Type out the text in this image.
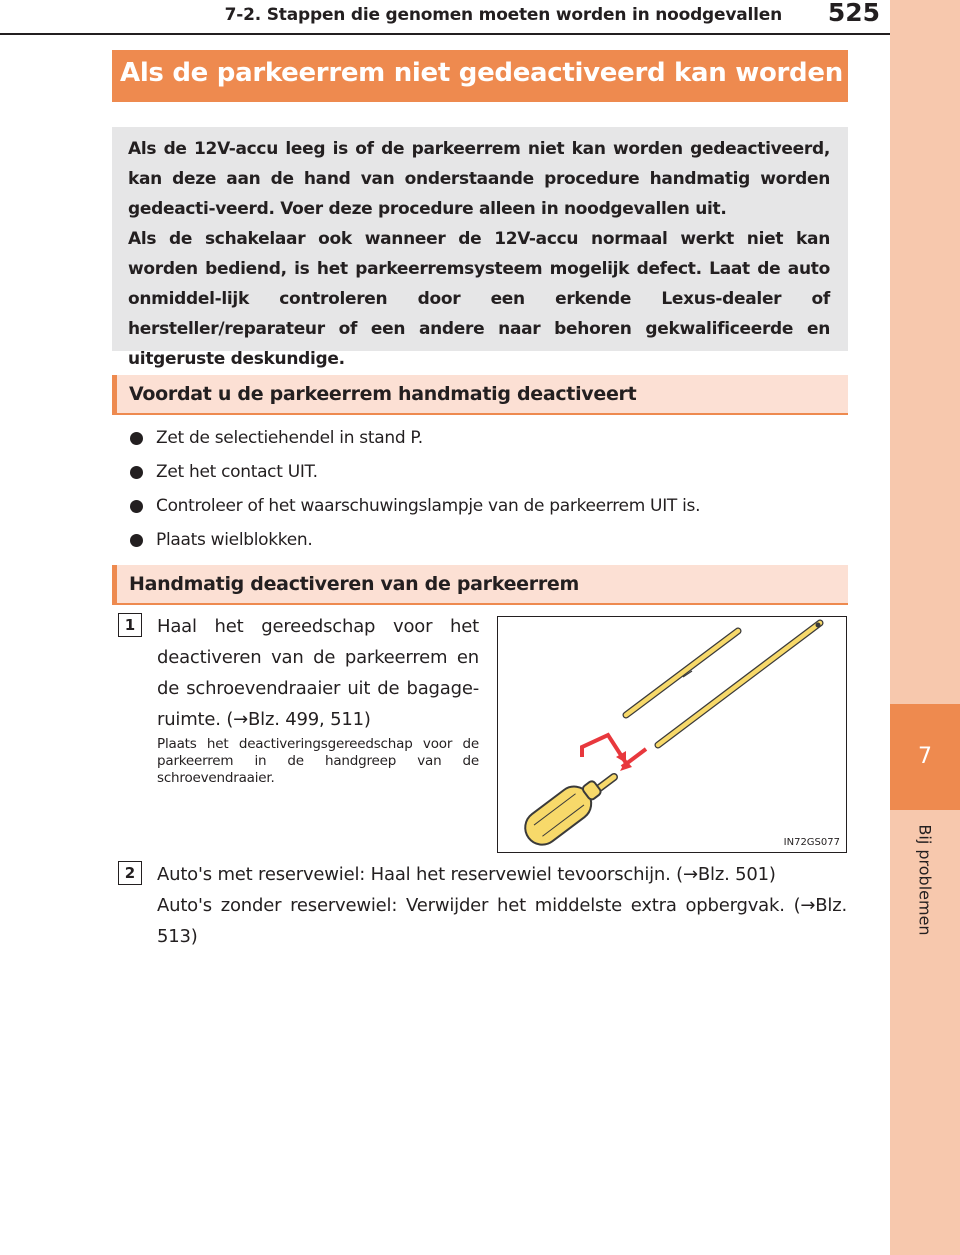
7-2. Stappen die genomen moeten worden in noodgevallen 525
7
Bij problemen
Als de parkeerrem niet gedeactiveerd kan worden

Als de 12V-accu leeg is of de parkeerrem niet kan worden gedeactiveerd, kan deze aan de hand van onderstaande procedure handmatig worden gedeacti-veerd. Voer deze procedure alleen in noodgevallen uit.
Als de schakelaar ook wanneer de 12V-accu normaal werkt niet kan worden bediend, is het parkeerremsysteem mogelijk defect. Laat de auto onmiddel-lijk controleren door een erkende Lexus-dealer of hersteller/reparateur of een andere naar behoren gekwalificeerde en uitgeruste deskundige.

Voordat u de parkeerrem handmatig deactiveert
Zet de selectiehendel in stand P.
Zet het contact UIT.
Controleer of het waarschuwingslampje van de parkeerrem UIT is.
Plaats wielblokken.
Handmatig deactiveren van de parkeerrem
1	Haal het gereedschap voor het deactiveren van de parkeerrem en de schroevendraaier uit de bagage-ruimte. (→Blz. 499, 511)
Plaats het deactiveringsgereedschap voor de parkeerrem in de handgreep van de schroevendraaier.
IN72GS077
2	Auto's met reservewiel: Haal het reservewiel tevoorschijn. (→Blz. 501)

Auto's zonder reservewiel: Verwijder het middelste extra opbergvak. (→Blz. 513)
